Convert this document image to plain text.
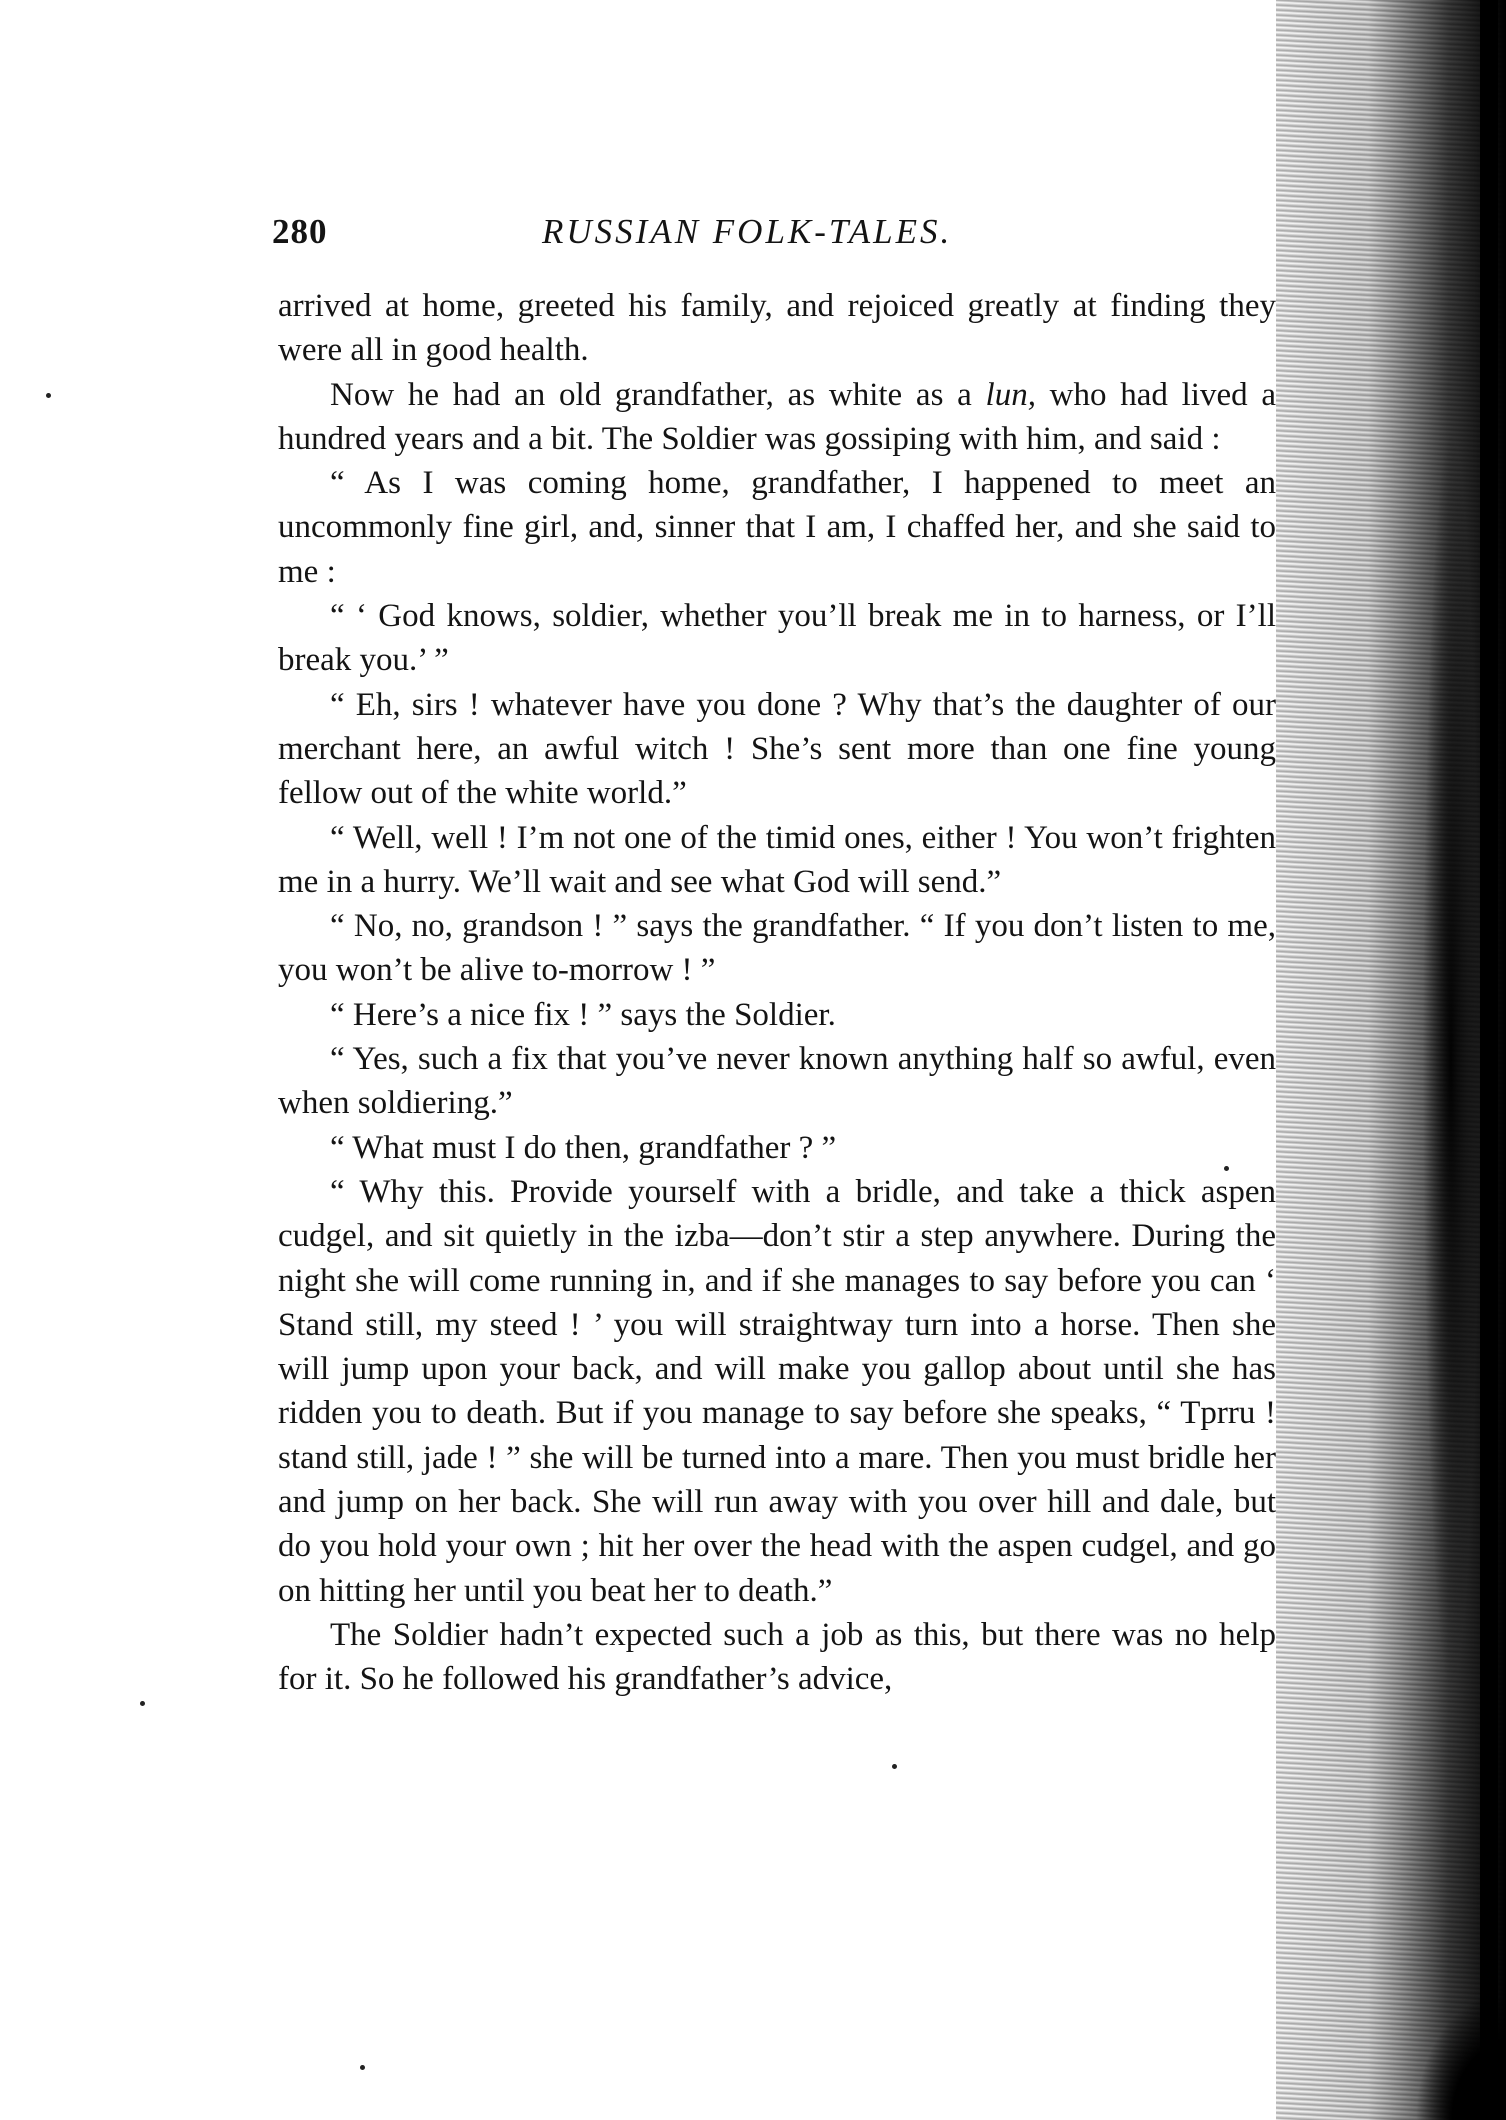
280	RUSSIAN FOLK-TALES.

arrived at home, greeted his family, and rejoiced greatly at finding they were all in good health.

Now he had an old grandfather, as white as a lun, who had lived a hundred years and a bit. The Soldier was gossiping with him, and said :

“ As I was coming home, grandfather, I happened to meet an uncommonly fine girl, and, sinner that I am, I chaffed her, and she said to me :

“ ‘ God knows, soldier, whether you’ll break me in to harness, or I’ll break you.’ ”

“ Eh, sirs ! whatever have you done ? Why that’s the daughter of our merchant here, an awful witch ! She’s sent more than one fine young fellow out of the white world.”

“ Well, well ! I’m not one of the timid ones, either ! You won’t frighten me in a hurry. We’ll wait and see what God will send.”

“ No, no, grandson ! ” says the grandfather. “ If you don’t listen to me, you won’t be alive to-morrow ! ”

“ Here’s a nice fix ! ” says the Soldier.

“ Yes, such a fix that you’ve never known anything half so awful, even when soldiering.”

“ What must I do then, grandfather ? ”

“ Why this. Provide yourself with a bridle, and take a thick aspen cudgel, and sit quietly in the izba—don’t stir a step anywhere. During the night she will come running in, and if she manages to say before you can ‘ Stand still, my steed ! ’ you will straightway turn into a horse. Then she will jump upon your back, and will make you gallop about until she has ridden you to death. But if you manage to say before she speaks, “ Tprru ! stand still, jade ! ” she will be turned into a mare. Then you must bridle her and jump on her back. She will run away with you over hill and dale, but do you hold your own ; hit her over the head with the aspen cudgel, and go on hitting her until you beat her to death.”

The Soldier hadn’t expected such a job as this, but there was no help for it. So he followed his grandfather’s advice,
